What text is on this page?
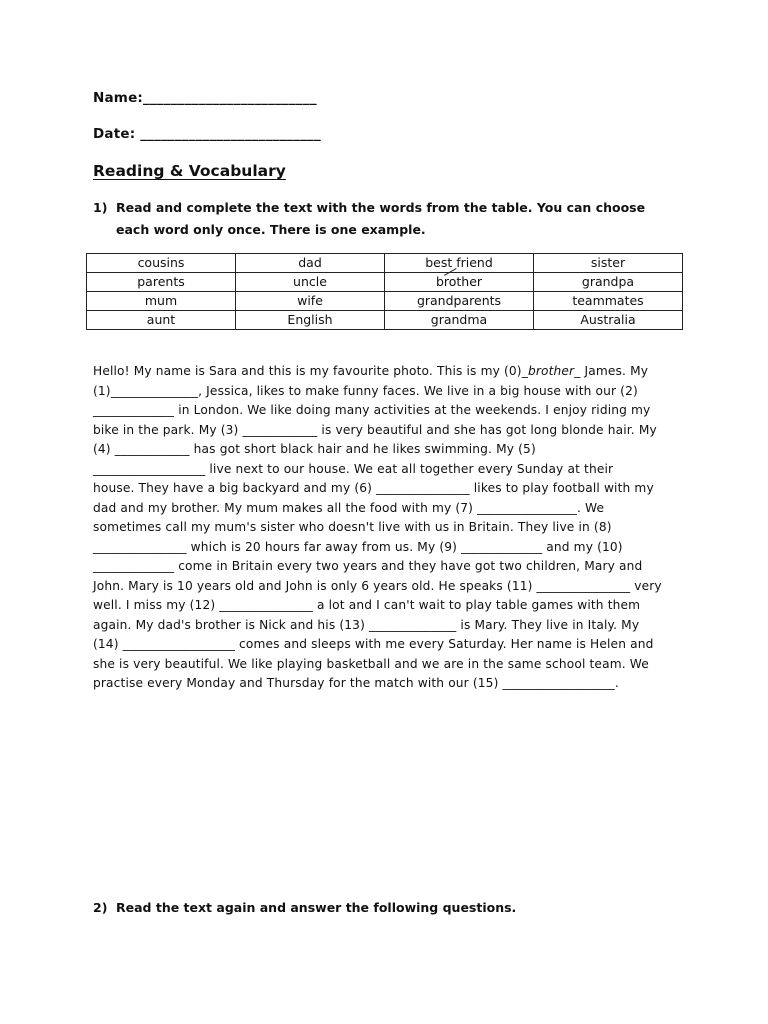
Name:_________________________
Date: __________________________
Reading & Vocabulary
1) Read and complete the text with the words from the table. You can choose
each word only once. There is one example.
cousins	dad	best friend	sister
parents	uncle	brother	grandpa
mum	wife	grandparents	teammates
aunt	English	grandma	Australia
Hello! My name is Sara and this is my favourite photo. This is my (0)_brother_ James. My
(1)______________, Jessica, likes to make funny faces. We live in a big house with our (2)
_____________ in London. We like doing many activities at the weekends. I enjoy riding my
bike in the park. My (3) ____________ is very beautiful and she has got long blonde hair. My
(4) ____________ has got short black hair and he likes swimming. My (5)
__________________ live next to our house. We eat all together every Sunday at their
house. They have a big backyard and my (6) _______________ likes to play football with my
dad and my brother. My mum makes all the food with my (7) ________________. We
sometimes call my mum's sister who doesn't live with us in Britain. They live in (8)
_______________ which is 20 hours far away from us. My (9) _____________ and my (10)
_____________ come in Britain every two years and they have got two children, Mary and
John. Mary is 10 years old and John is only 6 years old. He speaks (11) _______________ very
well. I miss my (12) _______________ a lot and I can't wait to play table games with them
again. My dad's brother is Nick and his (13) ______________ is Mary. They live in Italy. My
(14) __________________ comes and sleeps with me every Saturday. Her name is Helen and
she is very beautiful. We like playing basketball and we are in the same school team. We
practise every Monday and Thursday for the match with our (15) __________________.
2) Read the text again and answer the following questions.
